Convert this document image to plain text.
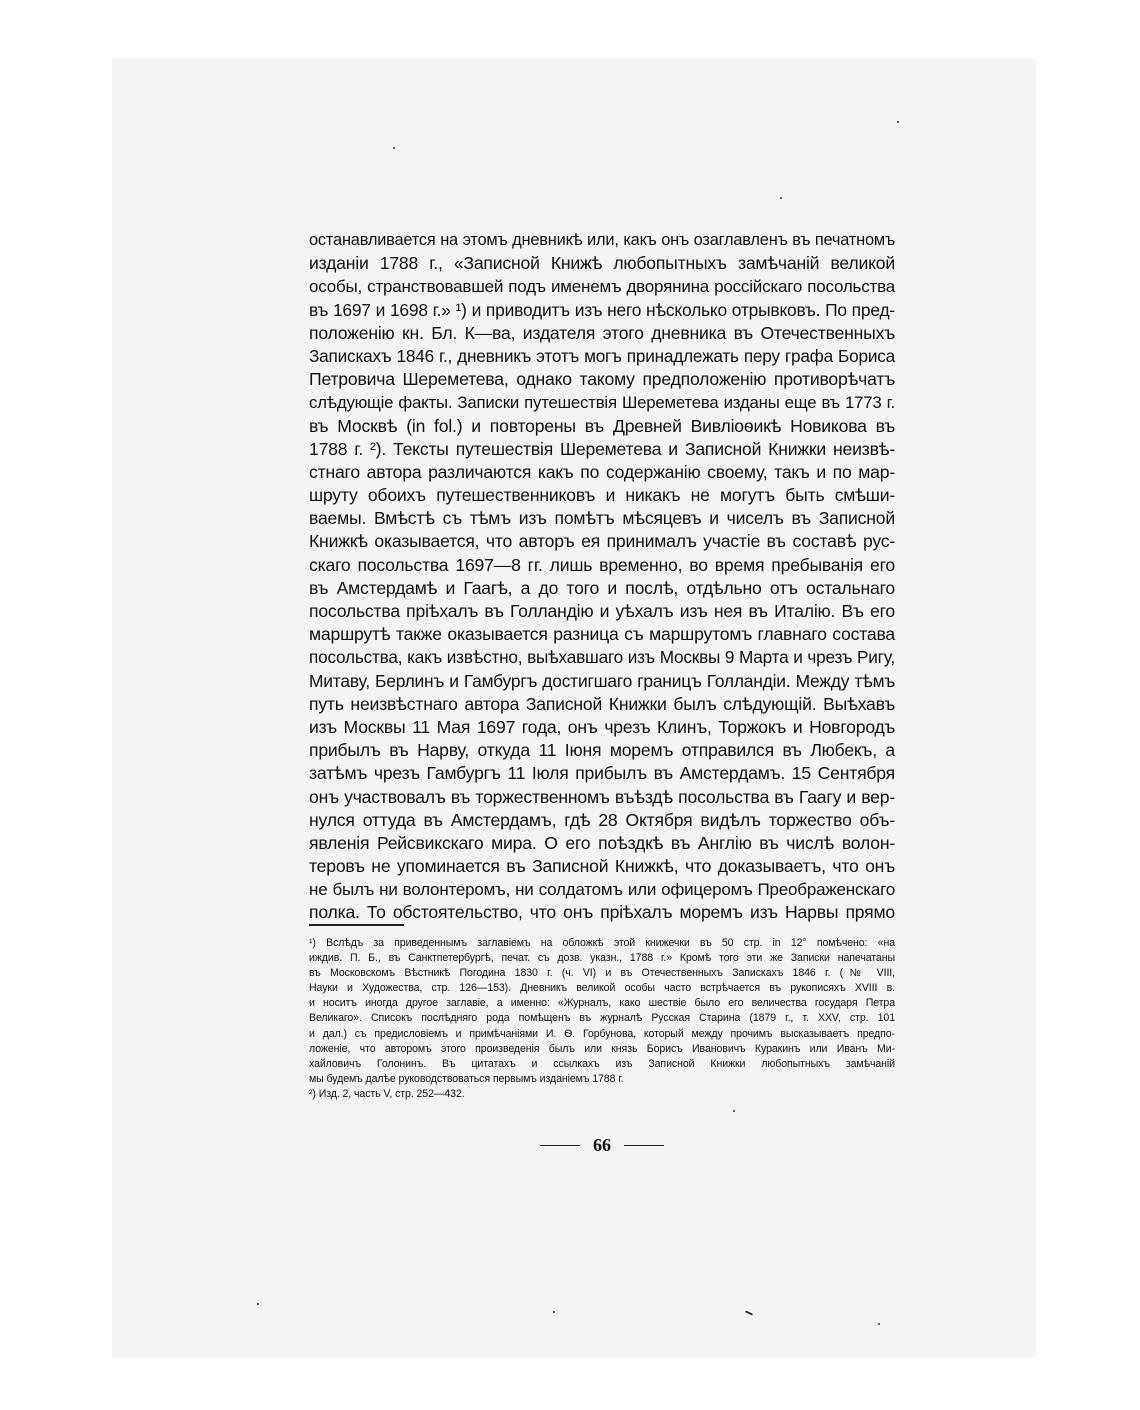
останавливается на этомъ дневникѣ или, какъ онъ озаглавленъ въ печатномъ
изданіи 1788 г., «Записной Книжѣ любопытныхъ замѣчаній великой
особы, странствовавшей подъ именемъ дворянина россійскаго посольства
въ 1697 и 1698 г.» ¹) и приводитъ изъ него нѣсколько отрывковъ. По пред-
положенію кн. Бл. К—ва, издателя этого дневника въ Отечественныхъ
Запискахъ 1846 г., дневникъ этотъ могъ принадлежать перу графа Бориса
Петровича Шереметева, однако такому предположенію противорѣчатъ
слѣдующіе факты. Записки путешествія Шереметева изданы еще въ 1773 г.
въ Москвѣ (in fol.) и повторены въ Древней Вивліоѳикѣ Новикова въ
1788 г. ²). Тексты путешествія Шереметева и Записной Книжки неизвѣ-
стнаго автора различаются какъ по содержанію своему, такъ и по мар-
шруту обоихъ путешественниковъ и никакъ не могутъ быть смѣши-
ваемы. Вмѣстѣ съ тѣмъ изъ помѣтъ мѣсяцевъ и чиселъ въ Записной
Книжкѣ оказывается, что авторъ ея принималъ участіе въ составѣ рус-
скаго посольства 1697—8 гг. лишь временно, во время пребыванія его
въ Амстердамѣ и Гаагѣ, а до того и послѣ, отдѣльно отъ остальнаго
посольства пріѣхалъ въ Голландію и уѣхалъ изъ нея въ Италію. Въ его
маршрутѣ также оказывается разница съ маршрутомъ главнаго состава
посольства, какъ извѣстно, выѣхавшаго изъ Москвы 9 Марта и чрезъ Ригу,
Митаву, Берлинъ и Гамбургъ достигшаго границъ Голландіи. Между тѣмъ
путь неизвѣстнаго автора Записной Книжки былъ слѣдующій. Выѣхавъ
изъ Москвы 11 Мая 1697 года, онъ чрезъ Клинъ, Торжокъ и Новгородъ
прибылъ въ Нарву, откуда 11 Іюня моремъ отправился въ Любекъ, а
затѣмъ чрезъ Гамбургъ 11 Іюля прибылъ въ Амстердамъ. 15 Сентября
онъ участвовалъ въ торжественномъ въѣздѣ посольства въ Гаагу и вер-
нулся оттуда въ Амстердамъ, гдѣ 28 Октября видѣлъ торжество объ-
явленія Рейсвикскаго мира. О его поѣздкѣ въ Англію въ числѣ волон-
теровъ не упоминается въ Записной Книжкѣ, что доказываетъ, что онъ
не былъ ни волонтеромъ, ни солдатомъ или офицеромъ Преображенскаго
полка. То обстоятельство, что онъ пріѣхалъ моремъ изъ Нарвы прямо
¹) Вслѣдъ за приведеннымъ заглавіемъ на обложкѣ этой книжечки въ 50 стр. in 12° помѣчено: «на
иждив. П. Б., въ Санктпетербургѣ, печат. съ дозв. указн., 1788 г.» Кромѣ того эти же Записки напечатаны
въ Московскомъ Вѣстникѣ Погодина 1830 г. (ч. VI) и въ Отечественныхъ Запискахъ 1846 г. (№ VIII,
Науки и Художества, стр. 126—153). Дневникъ великой особы часто встрѣчается въ рукописяхъ XVIII в.
и носитъ иногда другое заглавіе, а именно: «Журналъ, како шествіе было его величества государя Петра
Великаго». Списокъ послѣдняго рода помѣщенъ въ журналѣ Русская Старина (1879 г., т. XXV, стр. 101
и дал.) съ предисловіемъ и примѣчаніями И. Ѳ. Горбунова, который между прочимъ высказываетъ предпо-
ложеніе, что авторомъ этого произведенія былъ или князь Борисъ Ивановичъ Куракинъ или Иванъ Ми-
хайловичъ Голонинъ. Въ цитатахъ и ссылкахъ изъ Записной Книжки любопытныхъ замѣчаній
мы будемъ далѣе руководствоваться первымъ изданіемъ 1788 г.
²) Изд. 2, часть V, стр. 252—432.
66
